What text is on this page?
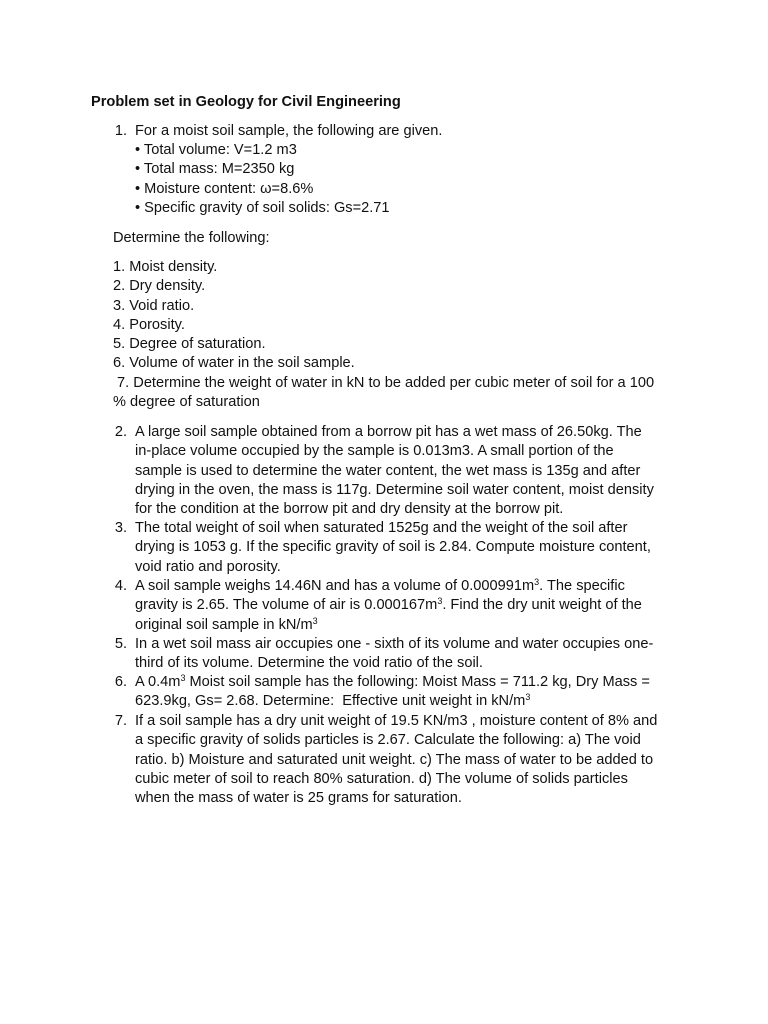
Problem set in Geology for Civil Engineering
1. For a moist soil sample, the following are given.
• Total volume: V=1.2 m3
• Total mass: M=2350 kg
• Moisture content: ω=8.6%
• Specific gravity of soil solids: Gs=2.71
Determine the following:
1. Moist density.
2. Dry density.
3. Void ratio.
4. Porosity.
5. Degree of saturation.
6. Volume of water in the soil sample.
7. Determine the weight of water in kN to be added per cubic meter of soil for a 100
% degree of saturation
2. A large soil sample obtained from a borrow pit has a wet mass of 26.50kg. The
in-place volume occupied by the sample is 0.013m3. A small portion of the
sample is used to determine the water content, the wet mass is 135g and after
drying in the oven, the mass is 117g. Determine soil water content, moist density
for the condition at the borrow pit and dry density at the borrow pit.
3. The total weight of soil when saturated 1525g and the weight of the soil after
drying is 1053 g. If the specific gravity of soil is 2.84. Compute moisture content,
void ratio and porosity.
4. A soil sample weighs 14.46N and has a volume of $0.000991m^3$. The specific
gravity is 2.65. The volume of air is $0.000167m^3$. Find the dry unit weight of the
original soil sample in $kN/m^3$
5. In a wet soil mass air occupies one - sixth of its volume and water occupies one-
third of its volume. Determine the void ratio of the soil.
6. A $0.4m^3$ Moist soil sample has the following: Moist Mass = 711.2 kg, Dry Mass =
623.9kg, Gs= 2.68. Determine:  Effective unit weight in $kN/m^3$
7. If a soil sample has a dry unit weight of 19.5 KN/m3 , moisture content of 8% and
a specific gravity of solids particles is 2.67. Calculate the following: a) The void
ratio. b) Moisture and saturated unit weight. c) The mass of water to be added to
cubic meter of soil to reach 80% saturation. d) The volume of solids particles
when the mass of water is 25 grams for saturation.
